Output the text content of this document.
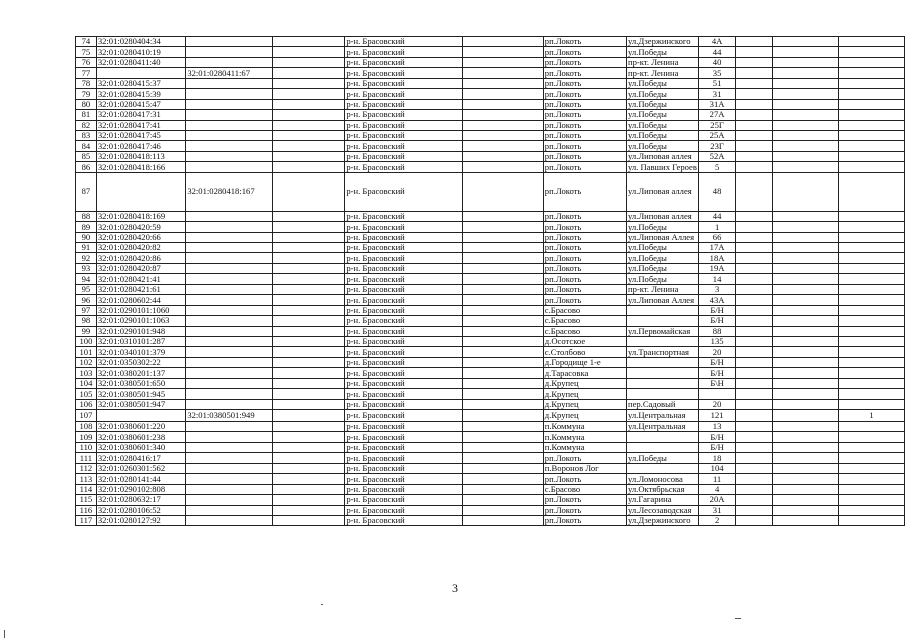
74	32:01:0280404:34			р-н. Брасовский		рп.Локоть	ул.Дзержинского	4А			
75	32:01:0280410:19			р-н. Брасовский		рп.Локоть	ул.Победы	44			
76	32:01:0280411:40			р-н. Брасовский		рп.Локоть	пр-кт. Ленина	40			
77		32:01:0280411:67		р-н. Брасовский		рп.Локоть	пр-кт. Ленина	35			
78	32:01:0280415:37			р-н. Брасовский		рп.Локоть	ул.Победы	51			
79	32:01:0280415:39			р-н. Брасовский		рп.Локоть	ул.Победы	31			
80	32:01:0280415:47			р-н. Брасовский		рп.Локоть	ул.Победы	31А			
81	32:01:0280417:31			р-н. Брасовский		рп.Локоть	ул.Победы	27А			
82	32:01:0280417:41			р-н. Брасовский		рп.Локоть	ул.Победы	25Г			
83	32:01:0280417:45			р-н. Брасовский		рп.Локоть	ул.Победы	25А			
84	32:01:0280417:46			р-н. Брасовский		рп.Локоть	ул.Победы	23Г			
85	32:01:0280418:113			р-н. Брасовский		рп.Локоть	ул.Липовая аллея	52А			
86	32:01:0280418:166			р-н. Брасовский		рп.Локоть	ул. Павших Героев	5			
87		32:01:0280418:167		р-н. Брасовский		рп.Локоть	ул.Липовая аллея	48			
88	32:01:0280418:169			р-н. Брасовский		рп.Локоть	ул.Липовая аллея	44			
89	32:01:0280420:59			р-н. Брасовский		рп.Локоть	ул.Победы	1			
90	32:01:0280420:66			р-н. Брасовский		рп.Локоть	ул.Липовая Аллея	66			
91	32:01:0280420:82			р-н. Брасовский		рп.Локоть	ул.Победы	17А			
92	32:01:0280420:86			р-н. Брасовский		рп.Локоть	ул.Победы	18А			
93	32:01:0280420:87			р-н. Брасовский		рп.Локоть	ул.Победы	19А			
94	32:01:0280421:41			р-н. Брасовский		рп.Локоть	ул.Победы	14			
95	32:01:0280421:61			р-н. Брасовский		рп.Локоть	пр-кт. Ленина	3			
96	32:01:0280602:44			р-н. Брасовский		рп.Локоть	ул.Липовая Аллея	43А			
97	32:01:0290101:1060			р-н. Брасовский		с.Брасово		Б/Н			
98	32:01:0290101:1063			р-н. Брасовский		с.Брасово		Б/Н			
99	32:01:0290101:948			р-н. Брасовский		с.Брасово	ул.Первомайская	88			
100	32:01:0310101:287			р-н. Брасовский		д.Осотское		135			
101	32:01:0340101:379			р-н. Брасовский		с.Столбово	ул.Транспортная	20			
102	32:01:0350302:22			р-н. Брасовский		д.Городище 1-е		Б/Н			
103	32:01:0380201:137			р-н. Брасовский		д.Тарасовка		Б/Н			
104	32:01:0380501:650			р-н. Брасовский		д.Крупец		Б\Н			
105	32:01:0380501:945			р-н. Брасовский		д.Крупец					
106	32:01:0380501:947			р-н. Брасовский		д.Крупец	пер.Садовый	20			
107		32:01:0380501:949		р-н. Брасовский		д.Крупец	ул.Центральная	121			1
108	32:01:0380601:220			р-н. Брасовский		п.Коммуна	ул.Центральная	13			
109	32:01:0380601:238			р-н. Брасовский		п.Коммуна		Б/Н			
110	32:01:0380601:340			р-н. Брасовский		п.Коммуна		Б/Н			
111	32:01:0280416:17			р-н. Брасовский		рп.Локоть	ул.Победы	18			
112	32:01:0260301:562			р-н. Брасовский		п.Воронов Лог		104			
113	32:01:0280141:44			р-н. Брасовский		рп.Локоть	ул.Ломоносова	11			
114	32:01:0290102:808			р-н. Брасовский		с.Брасово	ул.Октябрьская	4			
115	32:01:0280632:17			р-н. Брасовский		рп.Локоть	ул.Гагарина	20А			
116	32:01:0280106:52			р-н. Брасовский		рп.Локоть	ул.Лесозаводская	31			
117	32:01:0280127:92			р-н. Брасовский		рп.Локоть	ул.Дзержинского	2			
3
